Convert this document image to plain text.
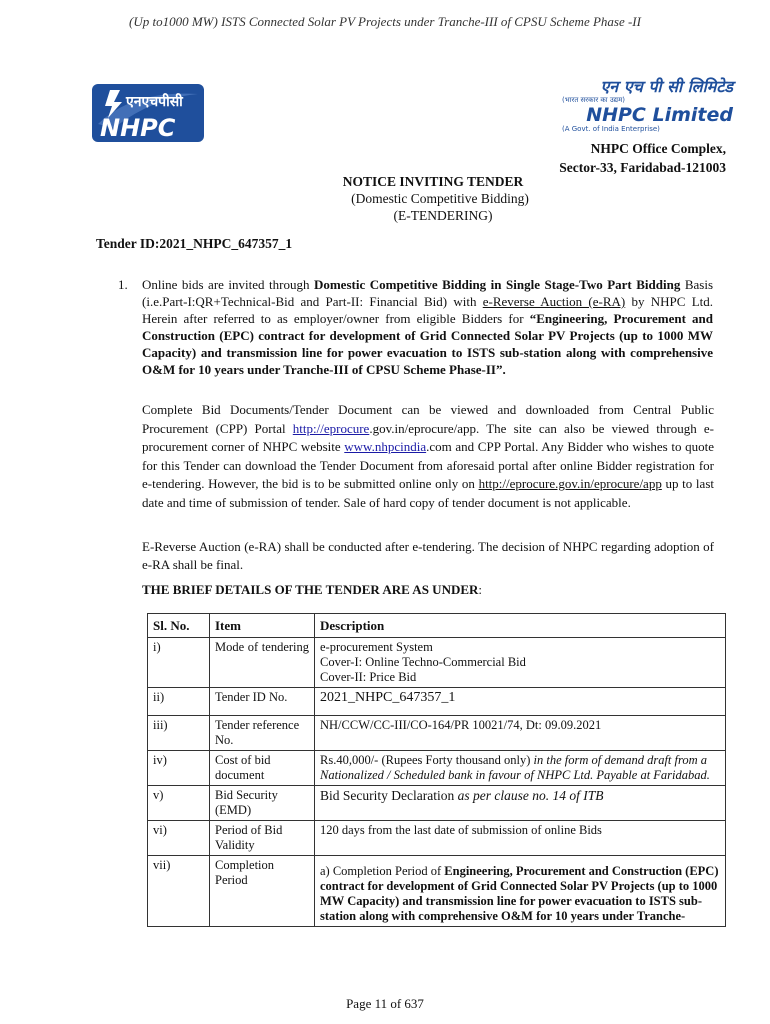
(Up to1000 MW) ISTS Connected Solar PV Projects under Tranche-III of CPSU Scheme Phase -II
एनएचपीसी
NHPC
एन एच पी सी लिमिटेड
(भारत सरकार का उद्यम)
NHPC Limited
(A Govt. of India Enterprise)
NHPC Office Complex,
Sector-33, Faridabad-121003
NOTICE INVITING TENDER
(Domestic Competitive Bidding)
(E-TENDERING)
Tender ID:2021_NHPC_647357_1
1. Online bids are invited through Domestic Competitive Bidding in Single Stage-Two Part Bidding Basis (i.e.Part-I:QR+Technical-Bid and Part-II: Financial Bid) with e-Reverse Auction (e-RA) by NHPC Ltd. Herein after referred to as employer/owner from eligible Bidders for “Engineering, Procurement and Construction (EPC) contract for development of Grid Connected Solar PV Projects (up to 1000 MW Capacity) and transmission line for power evacuation to ISTS sub-station along with comprehensive O&M for 10 years under Tranche-III of CPSU Scheme Phase-II”.
Complete Bid Documents/Tender Document can be viewed and downloaded from Central Public Procurement (CPP) Portal http://eprocure.gov.in/eprocure/app. The site can also be viewed through e-procurement corner of NHPC website www.nhpcindia.com and CPP Portal. Any Bidder who wishes to quote for this Tender can download the Tender Document from aforesaid portal after online Bidder registration for e-tendering. However, the bid is to be submitted online only on http://eprocure.gov.in/eprocure/app up to last date and time of submission of tender. Sale of hard copy of tender document is not applicable.
E-Reverse Auction (e-RA) shall be conducted after e-tendering. The decision of NHPC regarding adoption of e-RA shall be final.
THE BRIEF DETAILS OF THE TENDER ARE AS UNDER:
Sl. No.	Item	Description
i)	Mode of tendering	e-procurement System
Cover-I: Online Techno-Commercial Bid
Cover-II: Price Bid

ii)	Tender ID No.	2021_NHPC_647357_1
iii)	Tender reference No.	NH/CCW/CC-III/CO-164/PR 10021/74, Dt: 09.09.2021
iv)	Cost of bid document	Rs.40,000/- (Rupees Forty thousand only) in the form of demand draft from a Nationalized / Scheduled bank in favour of NHPC Ltd. Payable at Faridabad.
v)	Bid Security (EMD)	Bid Security Declaration as per clause no. 14 of ITB
vi)	Period of Bid Validity	120 days from the last date of submission of online Bids
vii)	Completion Period	a) Completion Period of Engineering, Procurement and Construction (EPC) contract for development of Grid Connected Solar PV Projects (up to 1000 MW Capacity) and transmission line for power evacuation to ISTS sub-station along with comprehensive O&M for 10 years under Tranche-
Page 11 of 637
